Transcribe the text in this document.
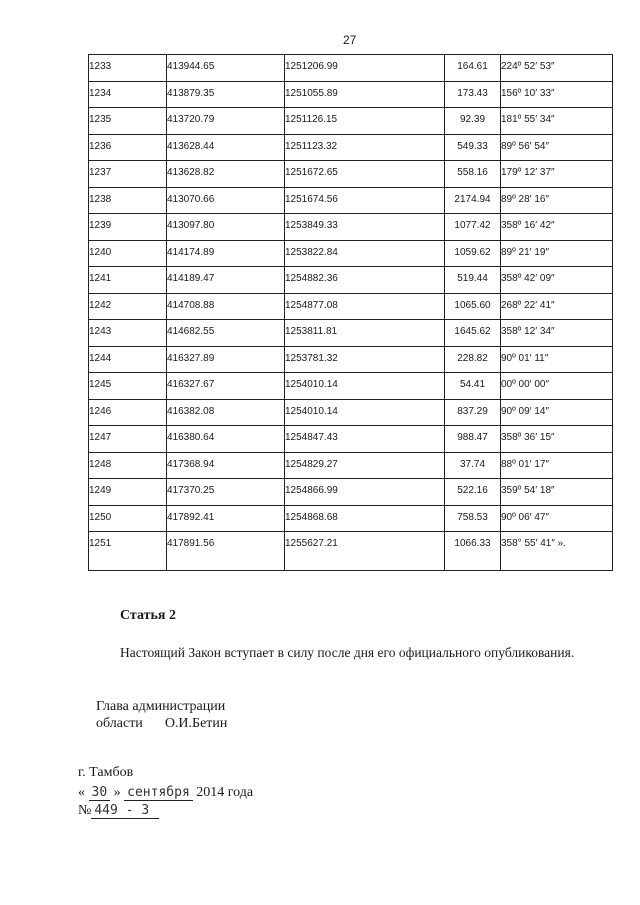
27
1233	413944.65	1251206.99	164.61	224º 52′ 53″
1234	413879.35	1251055.89	173.43	156º 10′ 33″
1235	413720.79	1251126.15	92.39	181º 55′ 34″
1236	413628.44	1251123.32	549.33	89º 56′ 54″
1237	413628.82	1251672.65	558.16	179º 12′ 37″
1238	413070.66	1251674.56	2174.94	89º 28′ 16″
1239	413097.80	1253849.33	1077.42	358º 16′ 42″
1240	414174.89	1253822.84	1059.62	89º 21′ 19″
1241	414189.47	1254882.36	519.44	358º 42′ 09″
1242	414708.88	1254877.08	1065.60	268º 22′ 41″
1243	414682.55	1253811.81	1645.62	358º 12′ 34″
1244	416327.89	1253781.32	228.82	90º 01′ 11″
1245	416327.67	1254010.14	54.41	00º 00′ 00″
1246	416382.08	1254010.14	837.29	90º 09′ 14″
1247	416380.64	1254847.43	988.47	358º 36′ 15″
1248	417368.94	1254829.27	37.74	88º 01′ 17″
1249	417370.25	1254866.99	522.16	359º 54′ 18″
1250	417892.41	1254868.68	758.53	90º 06′ 47″
1251	417891.56	1255627.21	1066.33	358° 55′ 41″ ».
Статья 2
Настоящий Закон вступает в силу после дня его официального опубликования.
Глава администрации
области О.И.Бетин
г. Тамбов
« 30 » сентября 2014 года
№ 449 - 3
